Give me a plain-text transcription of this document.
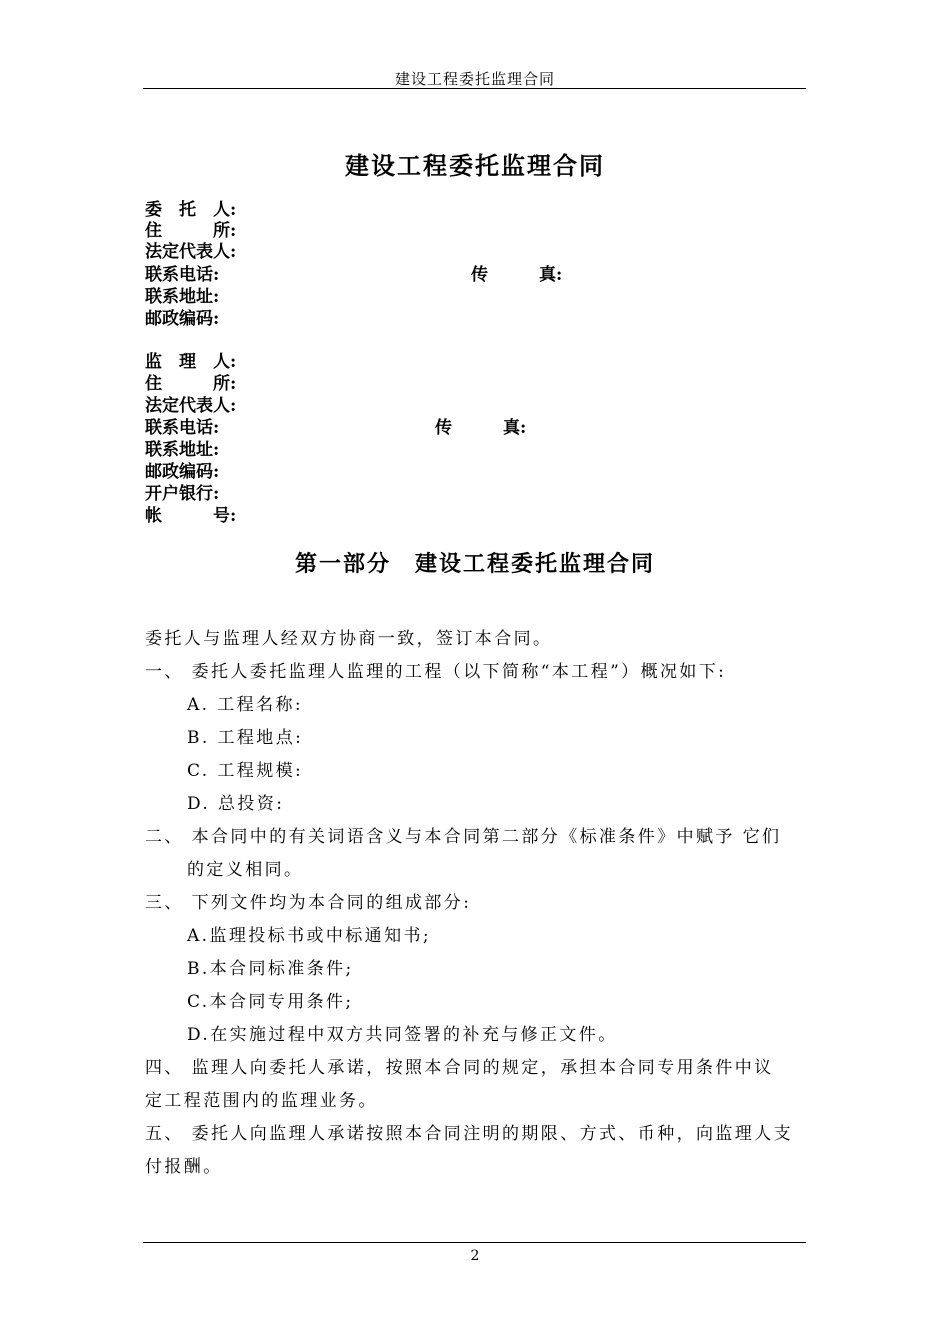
建设工程委托监理合同
建设工程委托监理合同
委　托　人:
住　　　所:
法定代表人:
联系电话:	传　　　真:
联系地址:
邮政编码:
监　理　人:
住　　　所:
法定代表人:
联系电话:	传　　　真:
联系地址:
邮政编码:
开户银行:
帐　　　号:
第一部分　建设工程委托监理合同
委托人与监理人经双方协商一致，签订本合同。
一、 委托人委托监理人监理的工程（以下简称“本工程”）概况如下:
A. 工程名称:
B. 工程地点:
C. 工程规模:
D. 总投资:
二、 本合同中的有关词语含义与本合同第二部分《标准条件》中赋予 它们
的定义相同。
三、 下列文件均为本合同的组成部分:
A.监理投标书或中标通知书;
B.本合同标准条件;
C.本合同专用条件;
D.在实施过程中双方共同签署的补充与修正文件。
四、 监理人向委托人承诺，按照本合同的规定，承担本合同专用条件中议
定工程范围内的监理业务。
五、 委托人向监理人承诺按照本合同注明的期限、方式、币种，向监理人支
付报酬。
2
